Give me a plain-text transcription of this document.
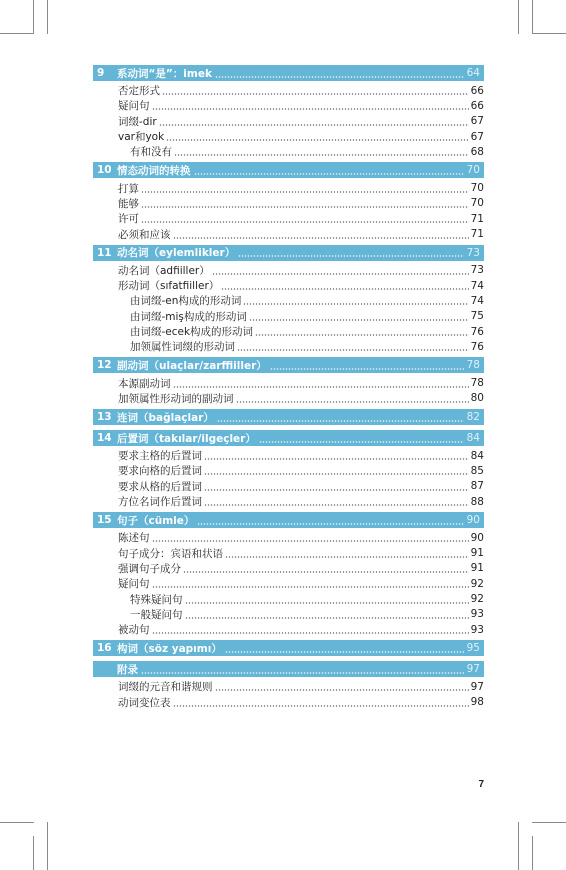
9	系动词“是”：imek	64
否定形式	66
疑问句	66
词缀-dir	67
var和yok	67
有和没有	68
10 情态动词的转换	70
打算	70
能够	70
许可	71
必须和应该	71
11 动名词（eylemlikler）	73
动名词（adfiiller）	73
形动词（sıfatfiiller）	74
由词缀-en构成的形动词	74
由词缀-miş构成的形动词	75
由词缀-ecek构成的形动词	76
加领属性词缀的形动词	76
12 副动词（ulaçlar/zarffiiller）	78
本源副动词	78
加领属性形动词的副动词	80
13 连词（bağlaçlar）	82
14 后置词（takılar/ilgeçler）	84
要求主格的后置词	84
要求向格的后置词	85
要求从格的后置词	87
方位名词作后置词	88
15 句子（cümle）	90
陈述句	90
句子成分：宾语和状语	91
强调句子成分	91
疑问句	92
特殊疑问句	92
一般疑问句	93
被动句	93
16 构词（söz yapımı）	95
附录	97
词缀的元音和谐规则	97
动词变位表	98
7
